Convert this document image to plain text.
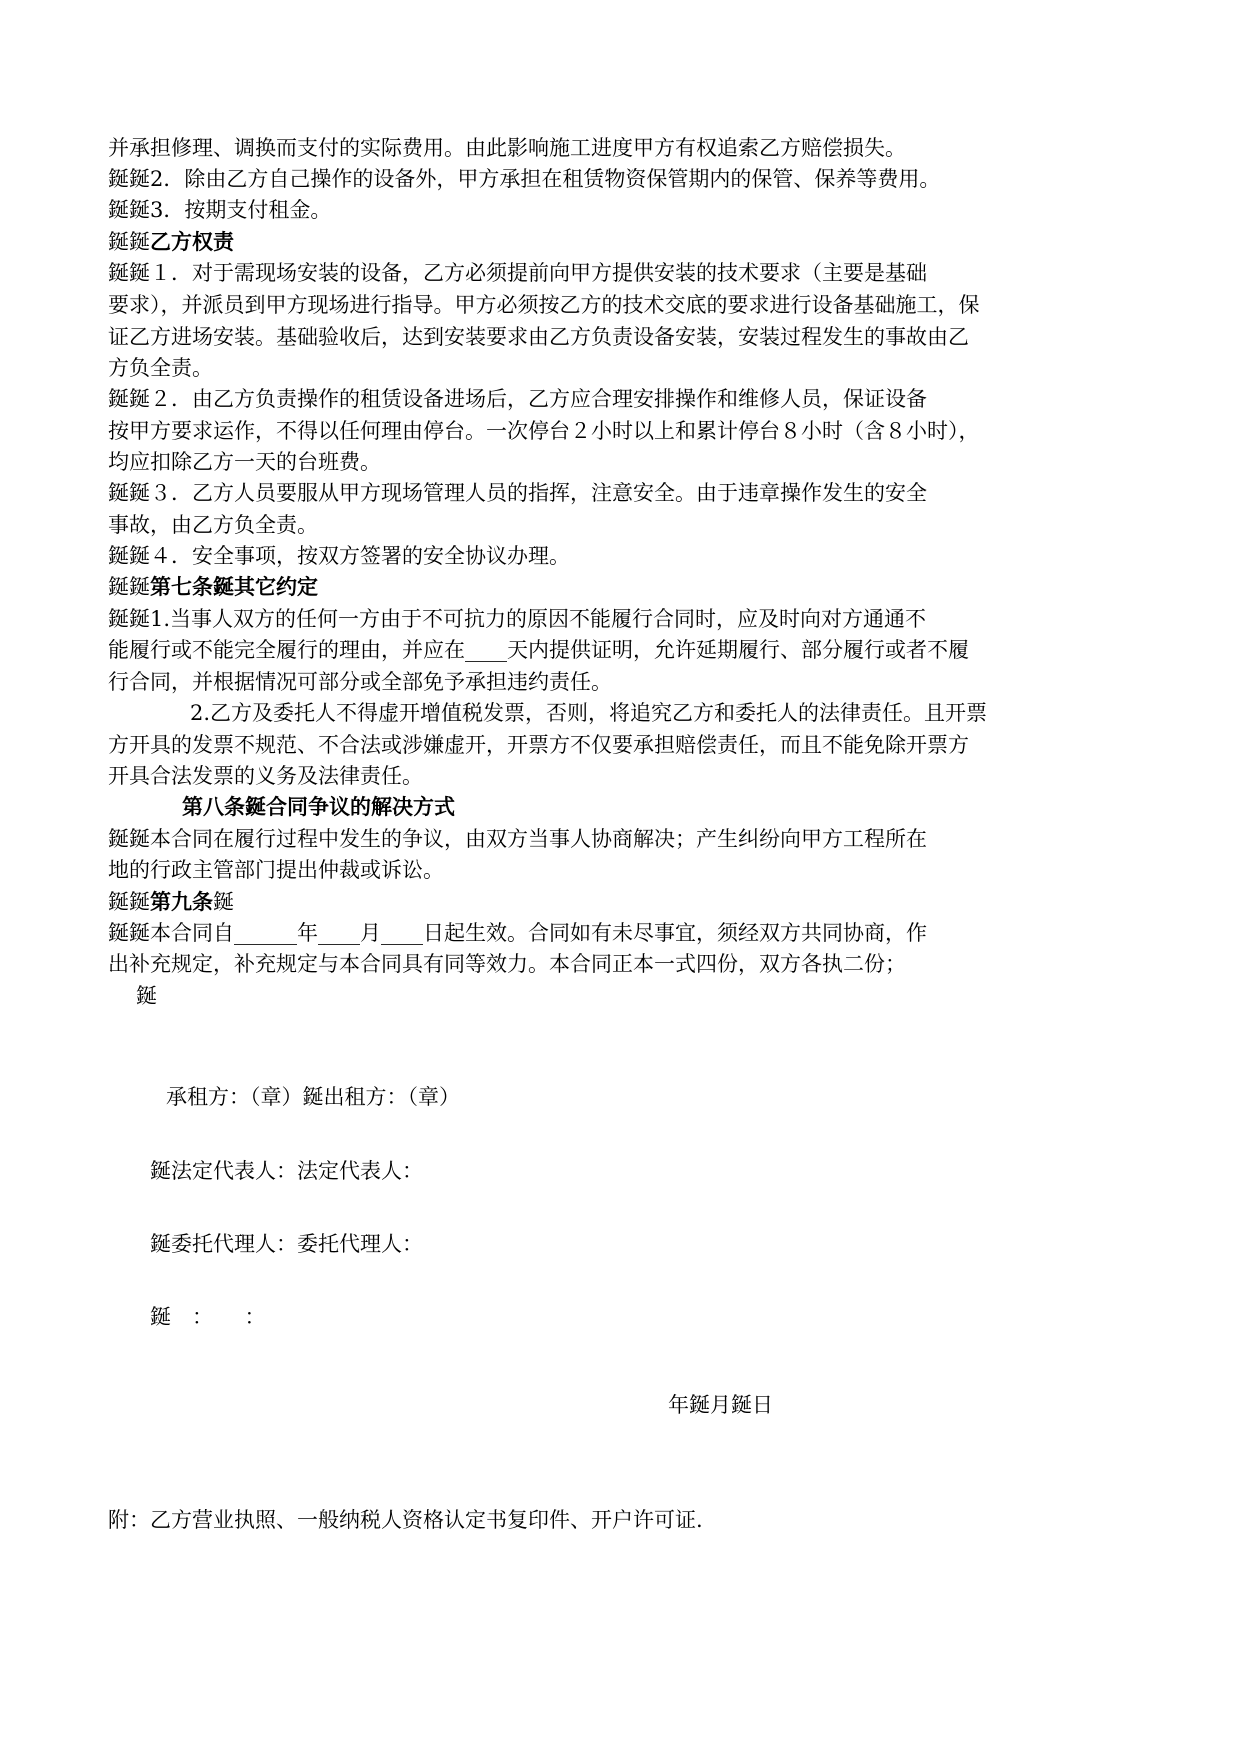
并承担修理、调换而支付的实际费用。由此影响施工进度甲方有权追索乙方赔偿损失。
鋋鋋2．除由乙方自己操作的设备外，甲方承担在租赁物资保管期内的保管、保养等费用。
鋋鋋3．按期支付租金。
鋋鋋乙方权责
鋋鋋１．对于需现场安装的设备，乙方必须提前向甲方提供安装的技术要求（主要是基础
要求），并派员到甲方现场进行指导。甲方必须按乙方的技术交底的要求进行设备基础施工，保
证乙方进场安装。基础验收后，达到安装要求由乙方负责设备安装，安装过程发生的事故由乙
方负全责。
鋋鋋２．由乙方负责操作的租赁设备进场后，乙方应合理安排操作和维修人员，保证设备
按甲方要求运作，不得以任何理由停台。一次停台２小时以上和累计停台８小时（含８小时），
均应扣除乙方一天的台班费。
鋋鋋３．乙方人员要服从甲方现场管理人员的指挥，注意安全。由于违章操作发生的安全
事故，由乙方负全责。
鋋鋋４．安全事项，按双方签署的安全协议办理。
鋋鋋第七条鋋其它约定
鋋鋋1.当事人双方的任何一方由于不可抗力的原因不能履行合同时，应及时向对方通通不
能履行或不能完全履行的理由，并应在____天内提供证明，允许延期履行、部分履行或者不履
行合同，并根据情况可部分或全部免予承担违约责任。
2.乙方及委托人不得虚开增值税发票，否则，将追究乙方和委托人的法律责任。且开票
方开具的发票不规范、不合法或涉嫌虚开，开票方不仅要承担赔偿责任，而且不能免除开票方
开具合法发票的义务及法律责任。
第八条鋋合同争议的解决方式
鋋鋋本合同在履行过程中发生的争议，由双方当事人协商解决；产生纠纷向甲方工程所在
地的行政主管部门提出仲裁或诉讼。
鋋鋋第九条鋋
鋋鋋本合同自______年____月____日起生效。合同如有未尽事宜，须经双方共同协商，作
出补充规定，补充规定与本合同具有同等效力。本合同正本一式四份，双方各执二份；
鋋
承租方：（章）鋋出租方：（章）
鋋法定代表人：法定代表人：
鋋委托代理人：委托代理人：
鋋　：　　：
年鋋月鋋日
附：乙方营业执照、一般纳税人资格认定书复印件、开户许可证.
